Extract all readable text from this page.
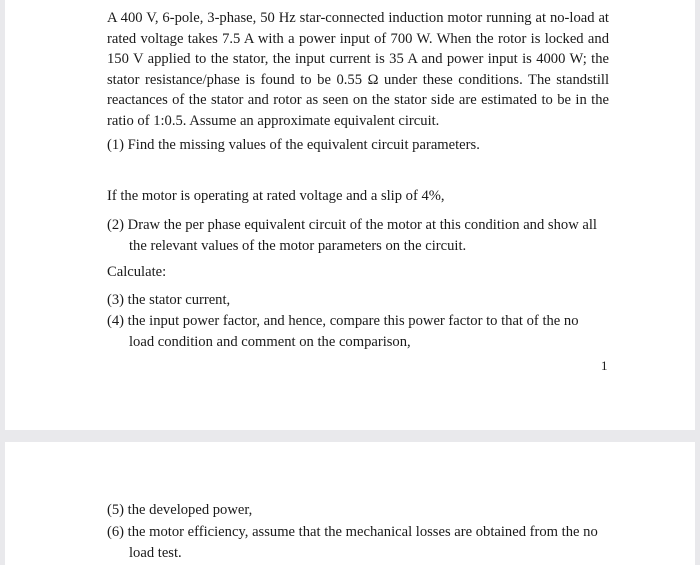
A 400 V, 6-pole, 3-phase, 50 Hz star-connected induction motor running at no-load at rated voltage takes 7.5 A with a power input of 700 W. When the rotor is locked and 150 V applied to the stator, the input current is 35 A and power input is 4000 W; the stator resistance/phase is found to be 0.55 Ω under these conditions. The standstill reactances of the stator and rotor as seen on the stator side are estimated to be in the ratio of 1:0.5. Assume an approximate equivalent circuit.

(1) Find the missing values of the equivalent circuit parameters.
If the motor is operating at rated voltage and a slip of 4%,
(2) Draw the per phase equivalent circuit of the motor at this condition and show all
the relevant values of the motor parameters on the circuit.
Calculate:
(3) the stator current,
(4) the input power factor, and hence, compare this power factor to that of the no
load condition and comment on the comparison,
1
(5) the developed power,
(6) the motor efficiency, assume that the mechanical losses are obtained from the no
load test.
